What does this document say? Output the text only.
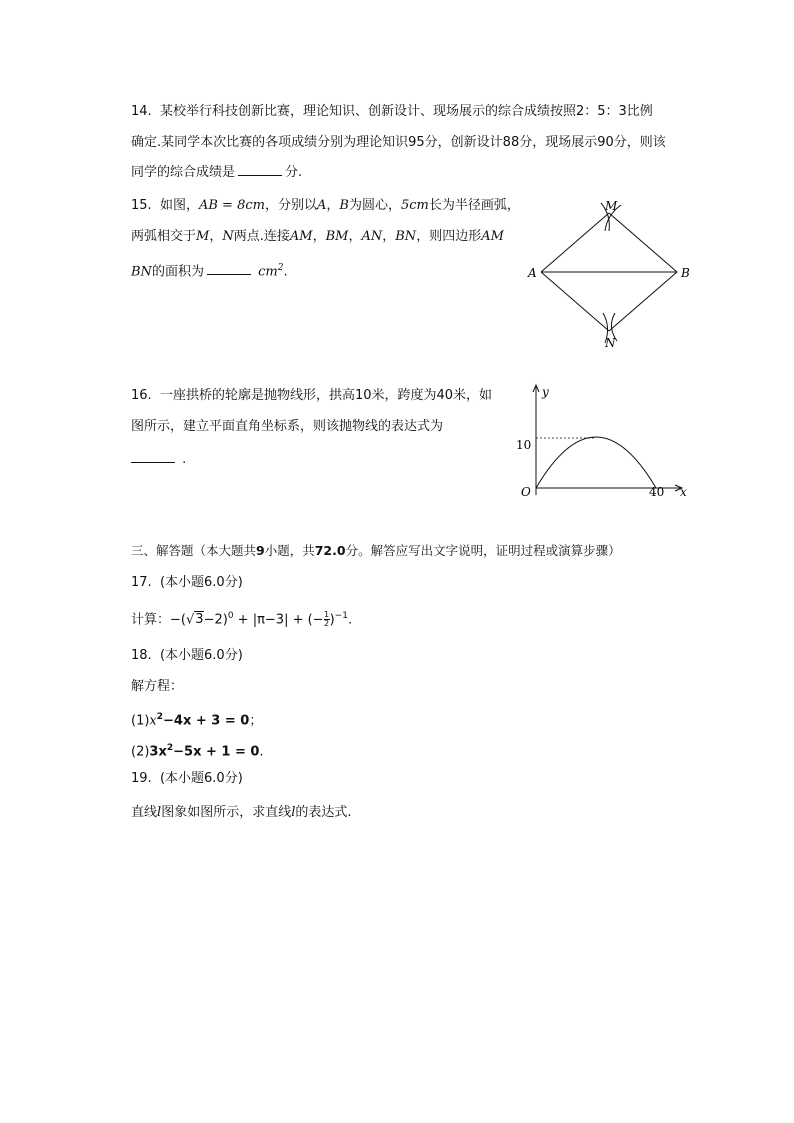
14. 某校举行科技创新比赛，理论知识、创新设计、现场展示的综合成绩按照2：5：3比例
确定.某同学本次比赛的各项成绩分别为理论知识95分，创新设计88分，现场展示90分，则该
同学的综合成绩是	分.
15. 如图，AB = 8cm，分别以A，B为圆心，5cm长为半径画弧，
两弧相交于M，N两点.连接AM，BM，AN，BN，则四边形AM
BN的面积为	$cm^2$.	A	B
M
N
16. 一座拱桥的轮廓是抛物线形，拱高10米，跨度为40米，如
图所示，建立平面直角坐标系，则该抛物线的表达式为
.
y
10
O	40 x
三、解答题（本大题共9小题，共72.0分。解答应写出文字说明，证明过程或演算步骤）
17. (本小题6.0分)
计算：$-(√3-2)^0 + |\pi-3|$ + (− $\frac{1}{2} )^{-1}$.
18. (本小题6.0分)
解方程：
$(1)x^2-4x + 3 = 0$；
$(2)3x^2-5x + 1 = 0$.
19. (本小题6.0分)
直线l图象如图所示，求直线l的表达式.
